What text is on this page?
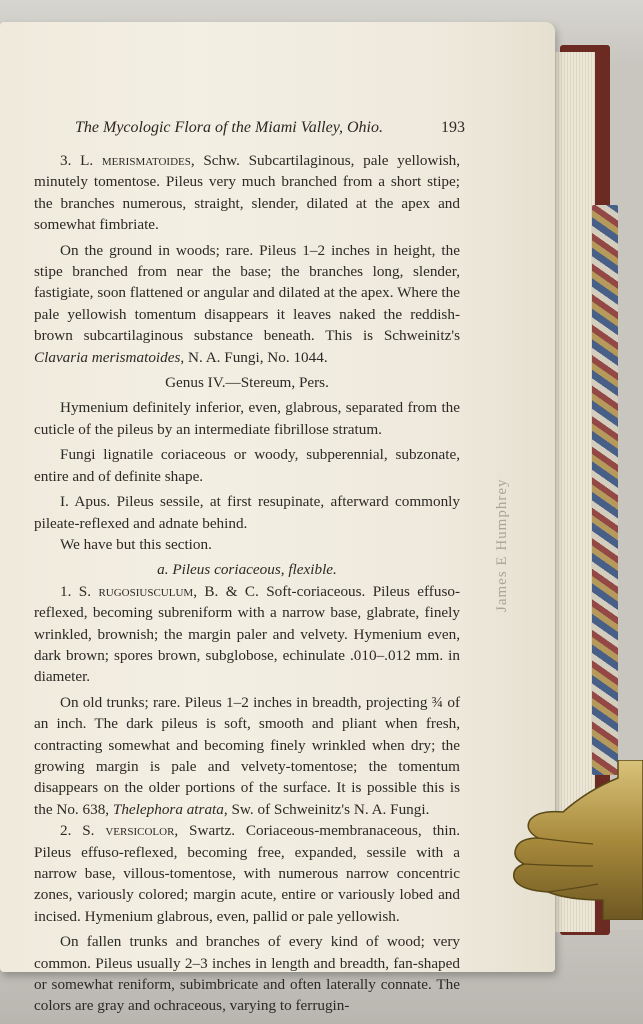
James E Humphrey
The Mycologic Flora of the Miami Valley, Ohio.	193

3. L. merismatoides, Schw. Subcartilaginous, pale yellowish, minutely tomentose. Pileus very much branched from a short stipe; the branches numerous, straight, slender, dilated at the apex and somewhat fimbriate.

On the ground in woods; rare. Pileus 1–2 inches in height, the stipe branched from near the base; the branches long, slender, fastigiate, soon flattened or angular and dilated at the apex. Where the pale yellowish tomentum disappears it leaves naked the reddish-brown subcartilaginous substance beneath. This is Schweinitz's Clavaria merismatoides, N. A. Fungi, No. 1044.

Genus IV.—Stereum, Pers.

Hymenium definitely inferior, even, glabrous, separated from the cuticle of the pileus by an intermediate fibrillose stratum.

Fungi lignatile coriaceous or woody, subperennial, subzonate, entire and of definite shape.

I. Apus. Pileus sessile, at first resupinate, afterward commonly pileate-reflexed and adnate behind.

We have but this section.

a. Pileus coriaceous, flexible.

1. S. rugosiusculum, B. & C. Soft-coriaceous. Pileus effuso-reflexed, becoming subreniform with a narrow base, glabrate, finely wrinkled, brownish; the margin paler and velvety. Hymenium even, dark brown; spores brown, subglobose, echinulate .010–.012 mm. in diameter.

On old trunks; rare. Pileus 1–2 inches in breadth, projecting ¾ of an inch. The dark pileus is soft, smooth and pliant when fresh, contracting somewhat and becoming finely wrinkled when dry; the growing margin is pale and velvety-tomentose; the tomentum disappears on the older portions of the surface. It is possible this is the No. 638, Thelephora atrata, Sw. of Schweinitz's N. A. Fungi.

2. S. versicolor, Swartz. Coriaceous-membranaceous, thin. Pileus effuso-reflexed, becoming free, expanded, sessile with a narrow base, villous-tomentose, with numerous narrow concentric zones, variously colored; margin acute, entire or variously lobed and incised. Hymenium glabrous, even, pallid or pale yellowish.

On fallen trunks and branches of every kind of wood; very common. Pileus usually 2–3 inches in length and breadth, fan-shaped or somewhat reniform, subimbricate and often laterally connate. The colors are gray and ochraceous, varying to ferrugin-
